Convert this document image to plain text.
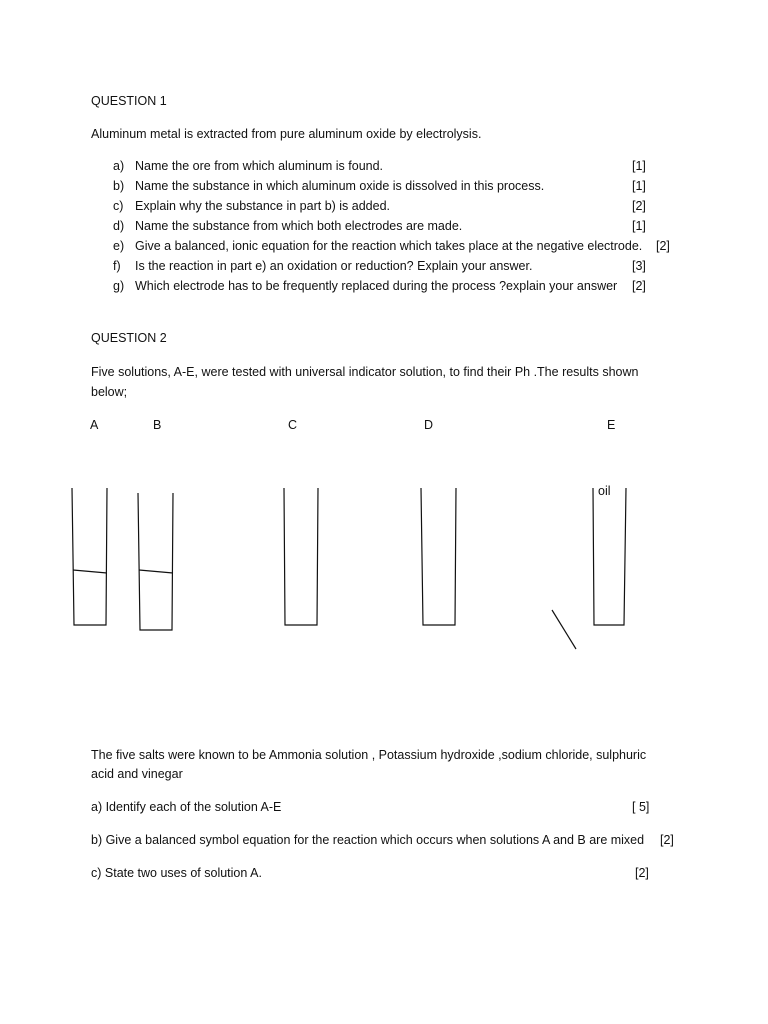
QUESTION 1
Aluminum metal is extracted from pure aluminum oxide by electrolysis.
a) Name the ore from which aluminum is found.	[1]
b) Name the substance in which aluminum oxide is dissolved in this process.	[1]
c) Explain why the substance in part b) is added.	[2]
d) Name the substance from which both electrodes are made.	[1]
e) Give a balanced, ionic equation for the reaction which takes place at the negative electrode. [2]
f) Is the reaction in part e) an oxidation or reduction? Explain your answer.	[3]
g) Which electrode has to be frequently replaced during the process ?explain your answer [2]
QUESTION 2
Five solutions, A-E, were tested with universal indicator solution, to find their Ph .The results shown
below;
A	B	C	D	E
oil
The five salts were known to be Ammonia solution , Potassium hydroxide ,sodium chloride, sulphuric
acid and vinegar
a) Identify each of the solution A-E	[ 5]
b) Give a balanced symbol equation for the reaction which occurs when solutions A and B are mixed [2]
c) State two uses of solution A.	[2]
